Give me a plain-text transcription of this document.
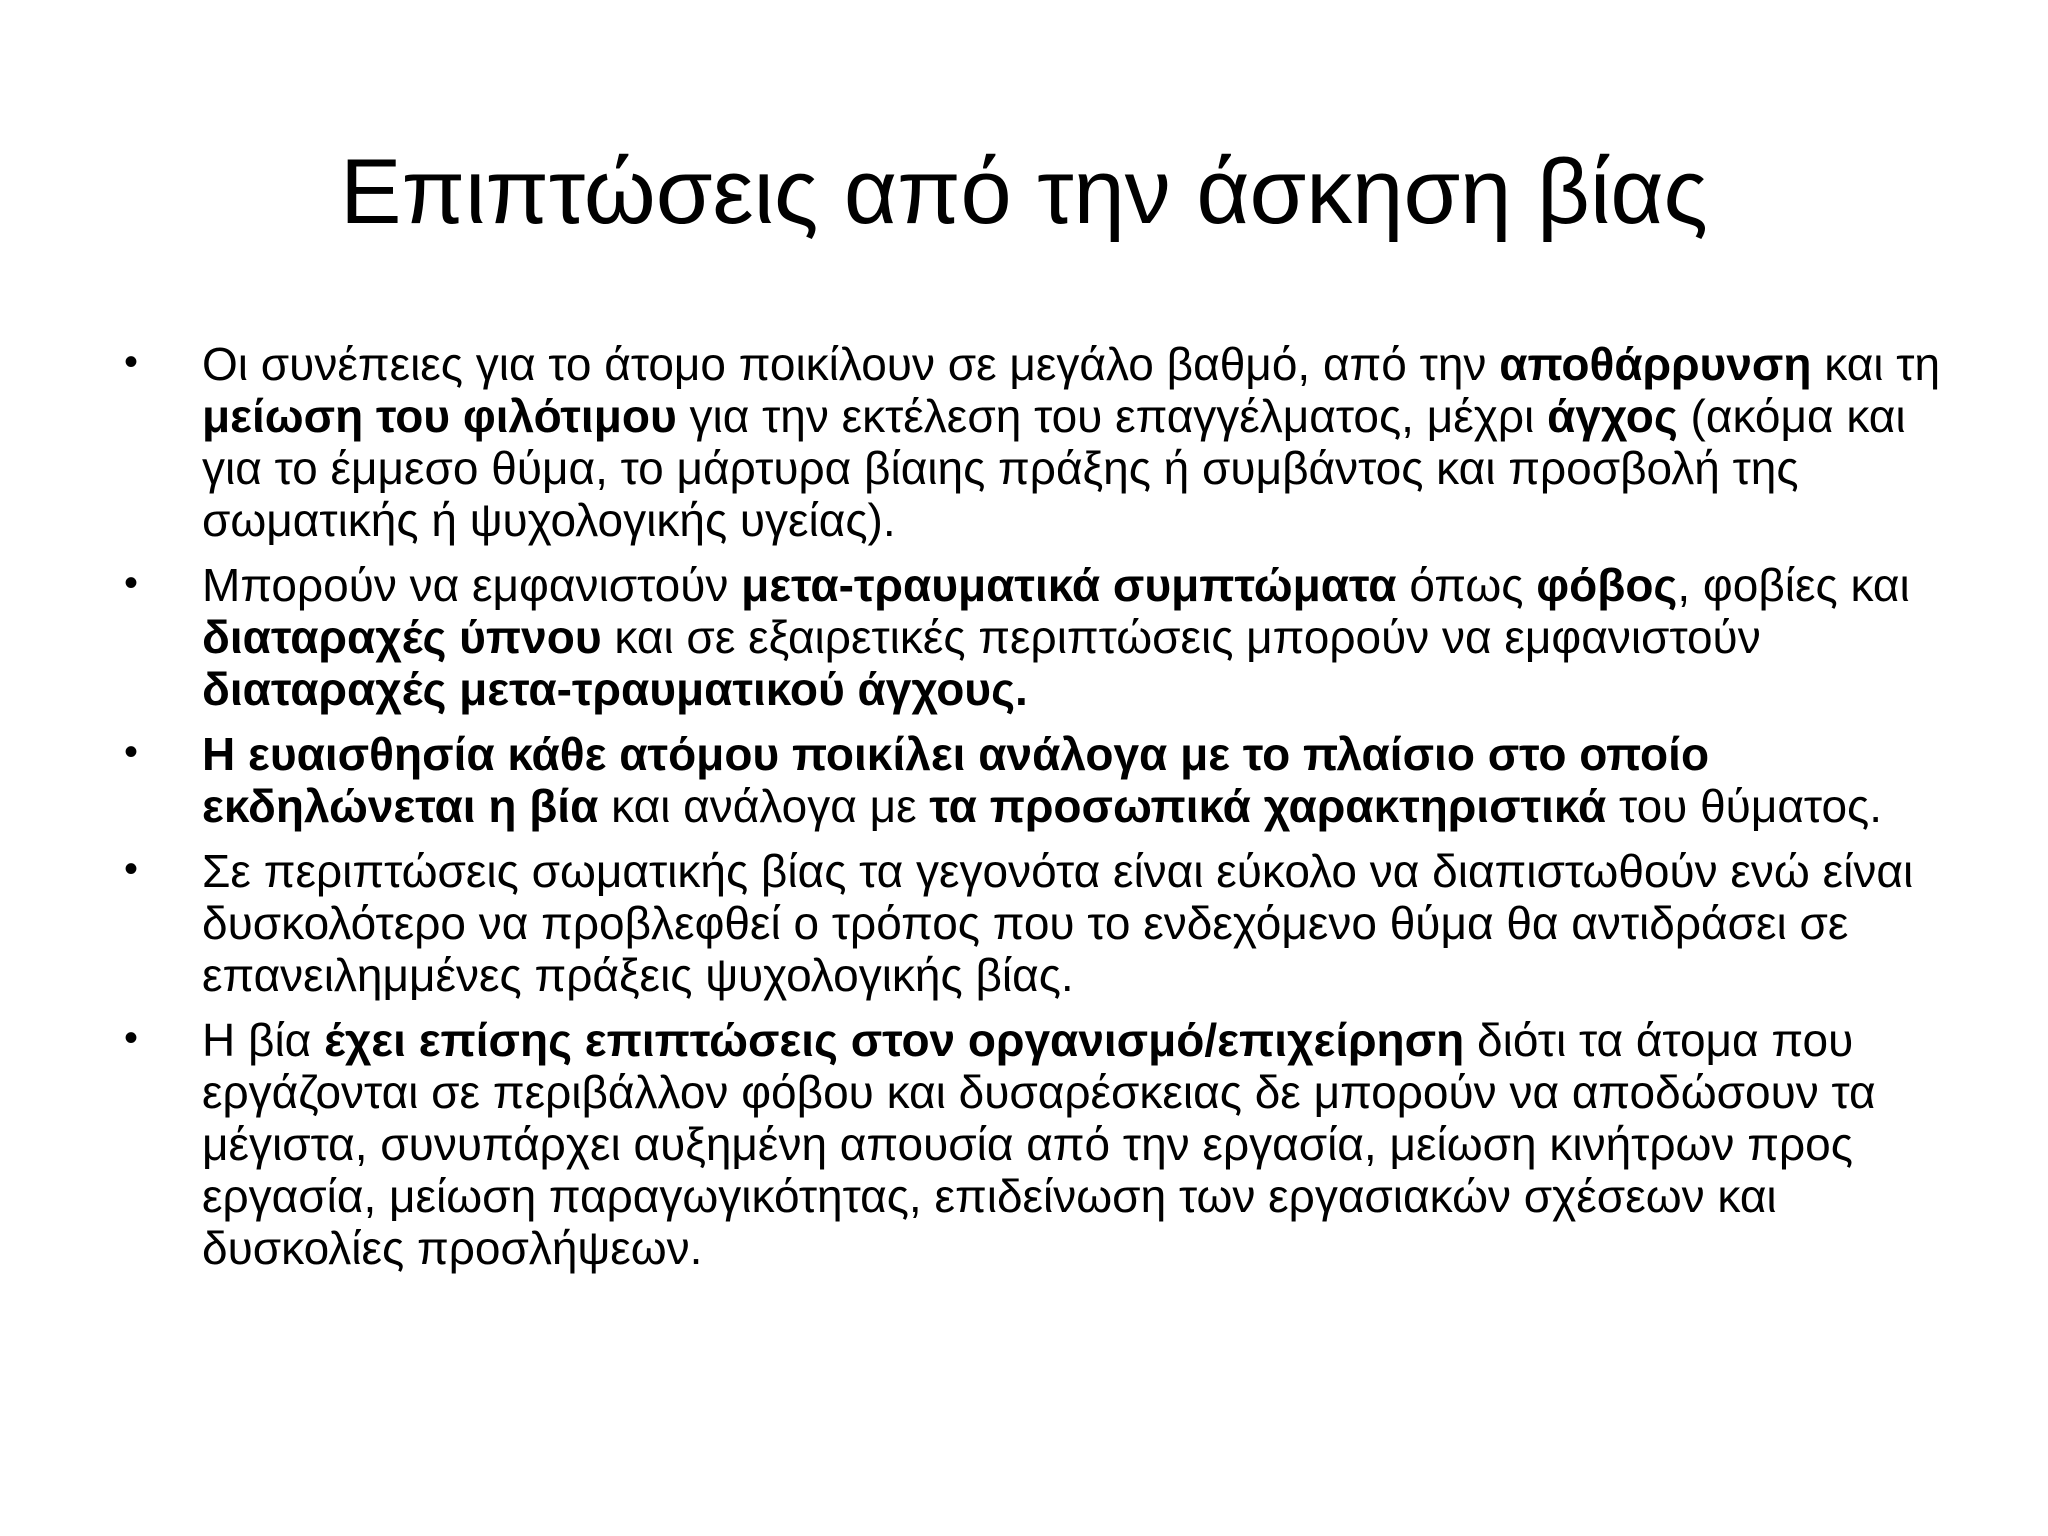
Επιπτώσεις από την άσκηση βίας
• Οι συνέπειες για το άτομο ποικίλουν σε μεγάλο βαθμό, από την αποθάρρυνση και τη μείωση του φιλότιμου για την εκτέλεση του επαγγέλματος, μέχρι άγχος (ακόμα και για το έμμεσο θύμα, το μάρτυρα βίαιης πράξης ή συμβάντος και προσβολή της σωματικής ή ψυχολογικής υγείας).
• Μπορούν να εμφανιστούν μετα-τραυματικά συμπτώματα όπως φόβος, φοβίες και διαταραχές ύπνου και σε εξαιρετικές περιπτώσεις μπορούν να εμφανιστούν διαταραχές μετα-τραυματικού άγχους.
• Η ευαισθησία κάθε ατόμου ποικίλει ανάλογα με το πλαίσιο στο οποίο εκδηλώνεται η βία και ανάλογα με τα προσωπικά χαρακτηριστικά του θύματος.
• Σε περιπτώσεις σωματικής βίας τα γεγονότα είναι εύκολο να διαπιστωθούν ενώ είναι δυσκολότερο να προβλεφθεί ο τρόπος που το ενδεχόμενο θύμα θα αντιδράσει σε επανειλημμένες πράξεις ψυχολογικής βίας.
• Η βία έχει επίσης επιπτώσεις στον οργανισμό/επιχείρηση διότι τα άτομα που εργάζονται σε περιβάλλον φόβου και δυσαρέσκειας δε μπορούν να αποδώσουν τα μέγιστα, συνυπάρχει αυξημένη απουσία από την εργασία, μείωση κινήτρων προς εργασία, μείωση παραγωγικότητας, επιδείνωση των εργασιακών σχέσεων και δυσκολίες προσλήψεων.
